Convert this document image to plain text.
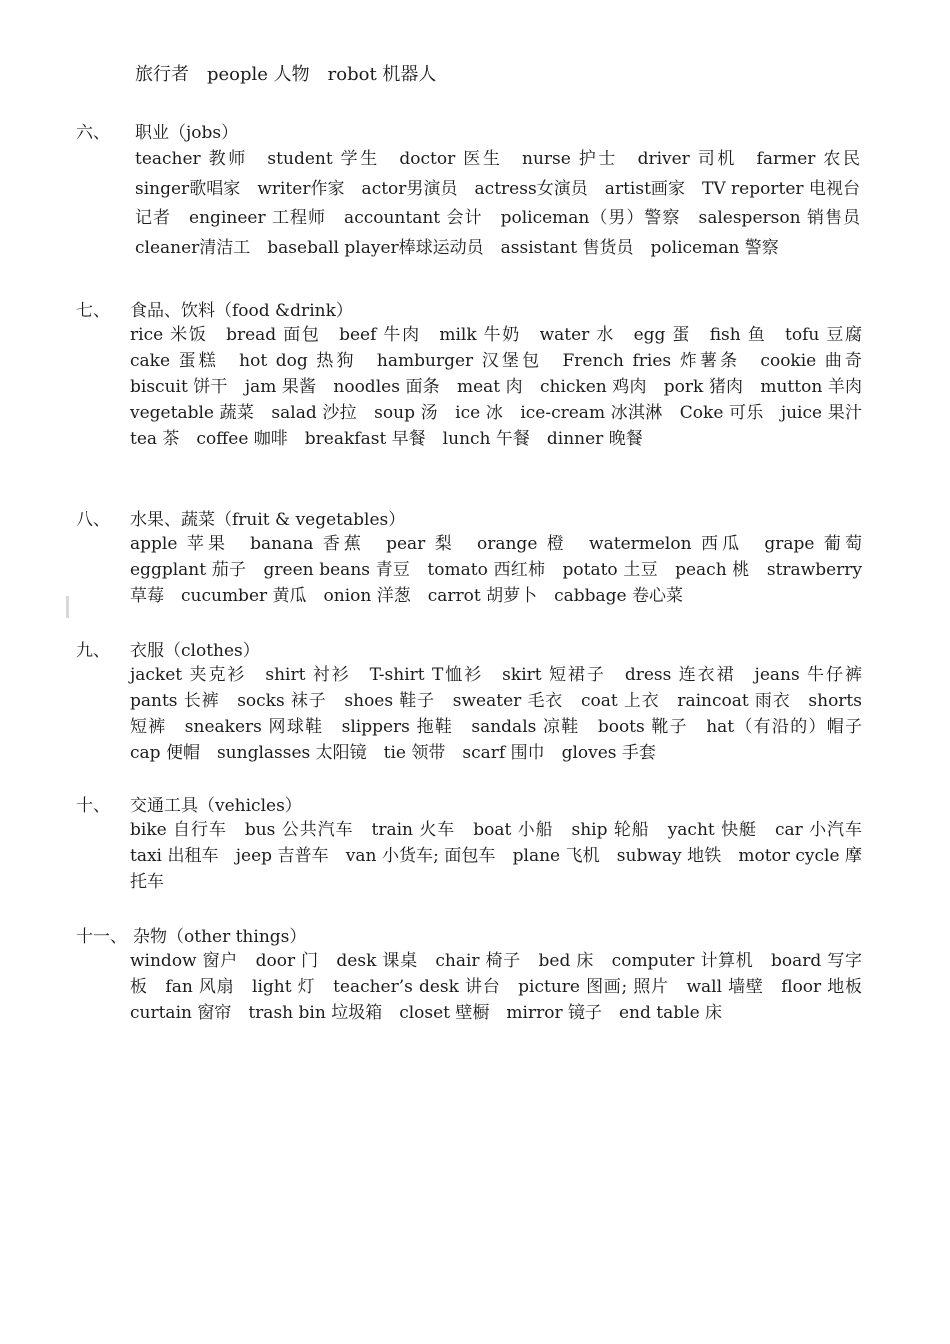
旅行者　people 人物　robot 机器人
六、 职业（jobs）
teacher 教师　student 学生　doctor 医生　nurse 护士　driver 司机　farmer 农民　singer歌唱家　writer作家　actor男演员　actress女演员　artist画家　TV reporter 电视台记者　engineer 工程师　accountant 会计　policeman（男）警察　salesperson 销售员　cleaner清洁工　baseball player棒球运动员　assistant 售货员　policeman 警察
七、 食品、饮料（food &drink）
rice 米饭　bread 面包　beef 牛肉　milk 牛奶　water 水　egg 蛋　fish 鱼　tofu 豆腐　cake 蛋糕　hot dog 热狗　hamburger 汉堡包　French fries 炸薯条　cookie 曲奇　biscuit 饼干　jam 果酱　noodles 面条　meat 肉　chicken 鸡肉　pork 猪肉　mutton 羊肉　vegetable 蔬菜　salad 沙拉　soup 汤　ice 冰　ice-cream 冰淇淋　Coke 可乐　juice 果汁　tea 茶　coffee 咖啡　breakfast 早餐　lunch 午餐　dinner 晚餐
八、 水果、蔬菜（fruit & vegetables）
apple 苹果　banana 香蕉　pear 梨　orange 橙　watermelon 西瓜　grape 葡萄　eggplant 茄子　green beans 青豆　tomato 西红柿　potato 土豆　peach 桃　strawberry 草莓　cucumber 黄瓜　onion 洋葱　carrot 胡萝卜　cabbage 卷心菜
九、 衣服（clothes）
jacket 夹克衫　shirt 衬衫　T-shirt T恤衫　skirt 短裙子　dress 连衣裙　jeans 牛仔裤　pants 长裤　socks 袜子　shoes 鞋子　sweater 毛衣　coat 上衣　raincoat 雨衣　shorts 短裤　sneakers 网球鞋　slippers 拖鞋　sandals 凉鞋　boots 靴子　hat（有沿的）帽子　cap 便帽　sunglasses 太阳镜　tie 领带　scarf 围巾　gloves 手套
十、 交通工具（vehicles）
bike 自行车　bus 公共汽车　train 火车　boat 小船　ship 轮船　yacht 快艇　car 小汽车　taxi 出租车　jeep 吉普车　van 小货车; 面包车　plane 飞机　subway 地铁　motor cycle 摩托车
十一、 杂物（other things）
window 窗户　door 门　desk 课桌　chair 椅子　bed 床　computer 计算机　board 写字板　fan 风扇　light 灯　teacher’s desk 讲台　picture 图画; 照片　wall 墙壁　floor 地板　curtain 窗帘　trash bin 垃圾箱　closet 壁橱　mirror 镜子　end table 床
